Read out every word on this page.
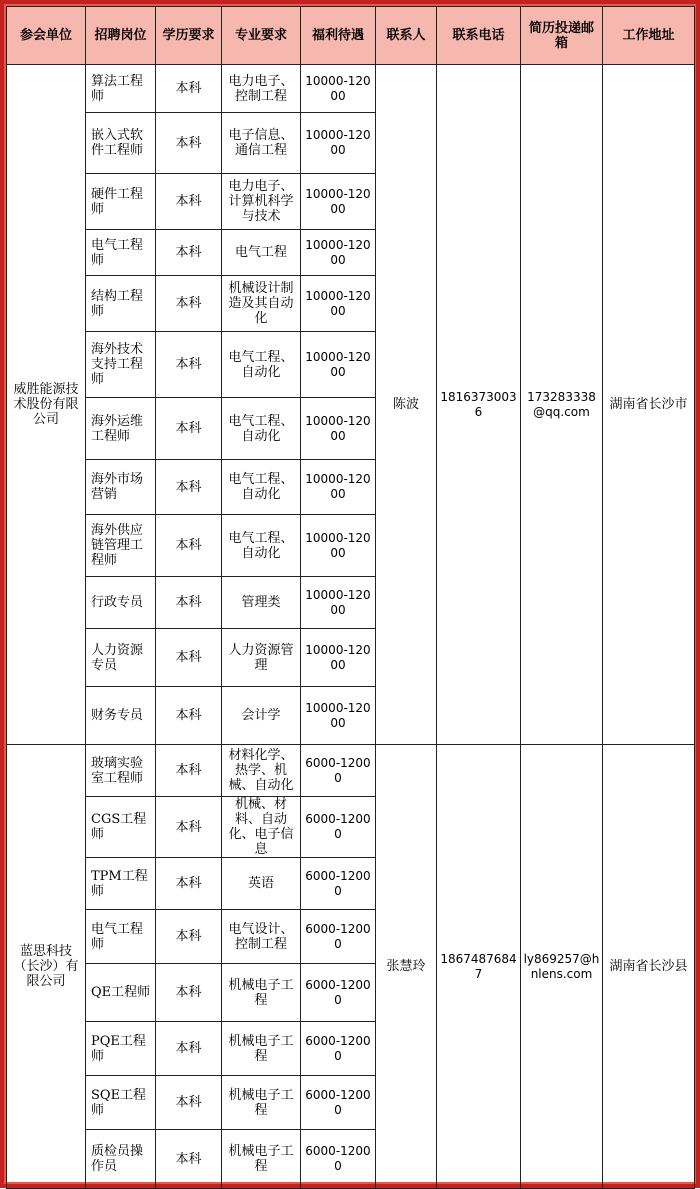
参会单位	招聘岗位	学历要求	专业要求	福利待遇	联系人	联系电话	简历投递邮箱	工作地址
威胜能源技术股份有限公司	算法工程师	本科	电力电子、控制工程	10000-12000	陈波	18163730036	173283338@qq.com	湖南省长沙市
	嵌入式软件工程师	本科	电子信息、通信工程	10000-12000				
	硬件工程师	本科	电力电子、计算机科学与技术	10000-12000				
	电气工程师	本科	电气工程	10000-12000				
	结构工程师	本科	机械设计制造及其自动化	10000-12000				
	海外技术支持工程师	本科	电气工程、自动化	10000-12000				
	海外运维工程师	本科	电气工程、自动化	10000-12000				
	海外市场营销	本科	电气工程、自动化	10000-12000				
	海外供应链管理工程师	本科	电气工程、自动化	10000-12000				
	行政专员	本科	管理类	10000-12000				
	人力资源专员	本科	人力资源管理	10000-12000				
	财务专员	本科	会计学	10000-12000				
蓝思科技（长沙）有限公司	玻璃实验室工程师	本科	材料化学、热学、机械、自动化	6000-12000	张慧玲	18674876847	ly869257@hnlens.com	湖南省长沙县
	CGS工程师	本科	机械、材料、自动化、电子信息	6000-12000				
	TPM工程师	本科	英语	6000-12000				
	电气工程师	本科	电气设计、控制工程	6000-12000				
	QE工程师	本科	机械电子工程	6000-12000				
	PQE工程师	本科	机械电子工程	6000-12000				
	SQE工程师	本科	机械电子工程	6000-12000				
	质检员操作员	本科	机械电子工程	6000-12000				
